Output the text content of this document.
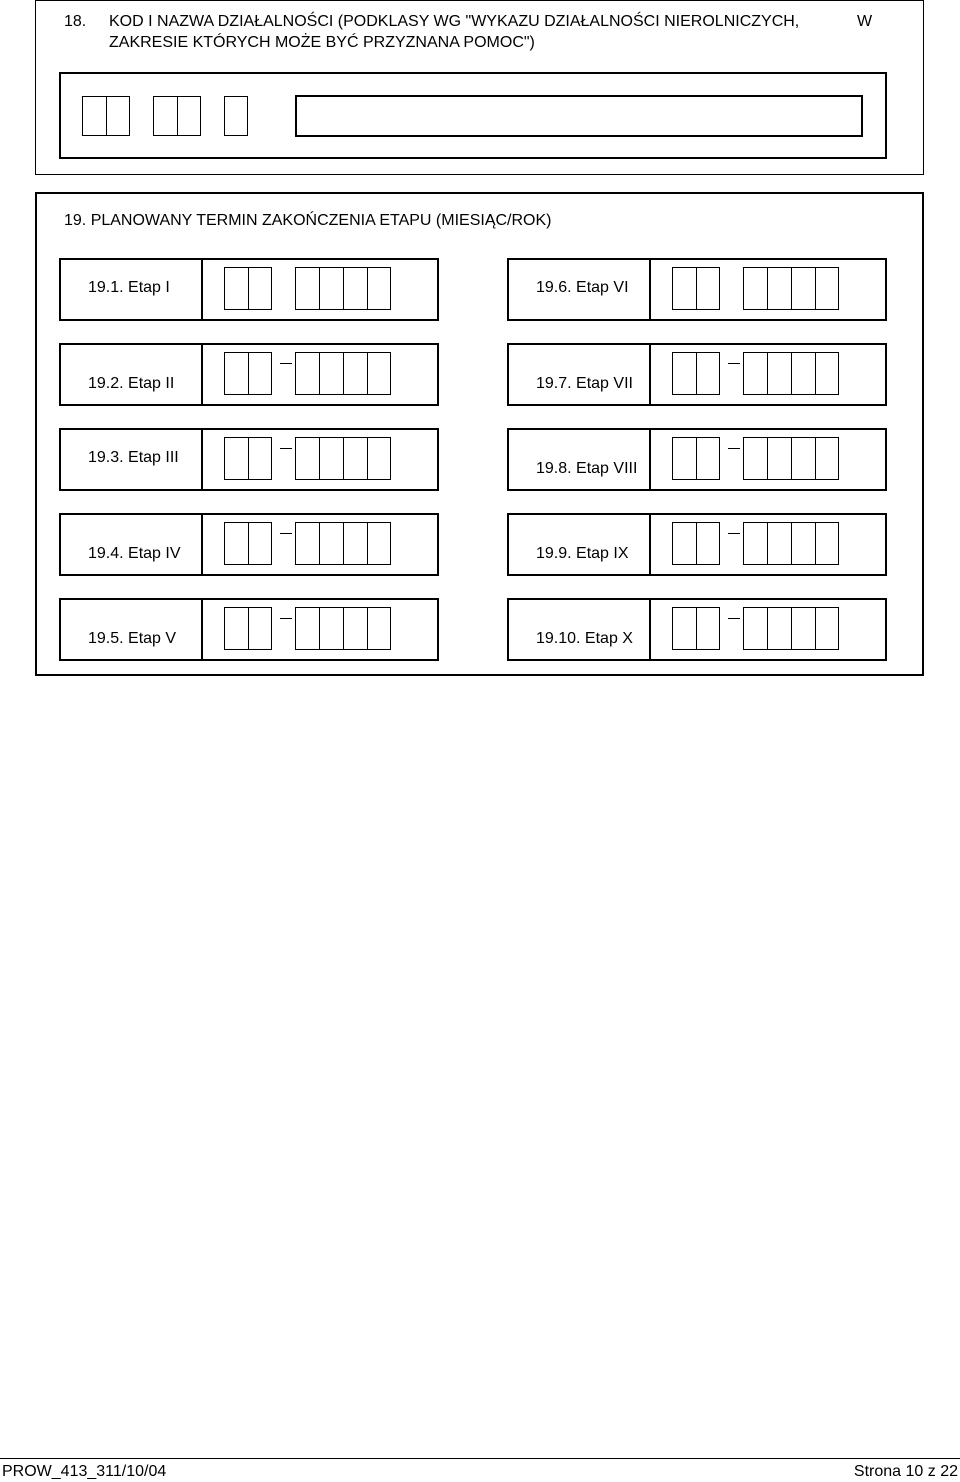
18. KOD I NAZWA DZIAŁALNOŚCI (PODKLASY WG "WYKAZU DZIAŁALNOŚCI NIEROLNICZYCH,	W
ZAKRESIE KTÓRYCH MOŻE BYĆ PRZYZNANA POMOC")
19. PLANOWANY TERMIN ZAKOŃCZENIA ETAPU (MIESIĄC/ROK)
19.1. Etap I
19.2. Etap II
19.3. Etap III
19.4. Etap IV
19.5. Etap V
19.6. Etap VI
19.7. Etap VII
19.8. Etap VIII
19.9. Etap IX
19.10. Etap X
PROW_413_311/10/04	Strona 10 z 22
